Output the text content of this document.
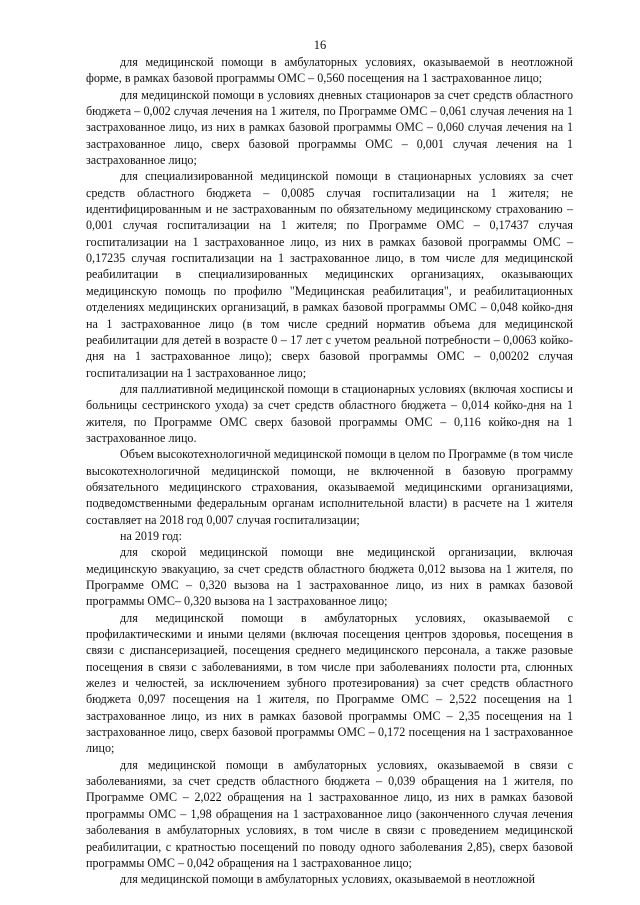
16

для медицинской помощи в амбулаторных условиях, оказываемой в неотложной форме, в рамках базовой программы ОМС – 0,560 посещения на 1 застрахованное лицо;

для медицинской помощи в условиях дневных стационаров за счет средств областного бюджета – 0,002 случая лечения на 1 жителя, по Программе ОМС – 0,061 случая лечения на 1 застрахованное лицо, из них в рамках базовой программы ОМС – 0,060 случая лечения на 1 застрахованное лицо, сверх базовой программы ОМС – 0,001 случая лечения на 1 застрахованное лицо;

для специализированной медицинской помощи в стационарных условиях за счет средств областного бюджета – 0,0085 случая госпитализации на 1 жителя; не идентифицированным и не застрахованным по обязательному медицинскому страхованию – 0,001 случая госпитализации на 1 жителя; по Программе ОМС – 0,17437 случая госпитализации на 1 застрахованное лицо, из них в рамках базовой программы ОМС – 0,17235 случая госпитализации на 1 застрахованное лицо, в том числе для медицинской реабилитации в специализированных медицинских организациях, оказывающих медицинскую помощь по профилю "Медицинская реабилитация", и реабилитационных отделениях медицинских организаций, в рамках базовой программы ОМС – 0,048 койко-дня на 1 застрахованное лицо (в том числе средний норматив объема для медицинской реабилитации для детей в возрасте 0 – 17 лет с учетом реальной потребности – 0,0063 койко-дня на 1 застрахованное лицо); сверх базовой программы ОМС – 0,00202 случая госпитализации на 1 застрахованное лицо;

для паллиативной медицинской помощи в стационарных условиях (включая хосписы и больницы сестринского ухода) за счет средств областного бюджета – 0,014 койко-дня на 1 жителя, по Программе ОМС сверх базовой программы ОМС – 0,116 койко-дня на 1 застрахованное лицо.

Объем высокотехнологичной медицинской помощи в целом по Программе (в том числе высокотехнологичной медицинской помощи, не включенной в базовую программу обязательного медицинского страхования, оказываемой медицинскими организациями, подведомственными федеральным органам исполнительной власти) в расчете на 1 жителя составляет на 2018 год 0,007 случая госпитализации;

на 2019 год:

для скорой медицинской помощи вне медицинской организации, включая медицинскую эвакуацию, за счет средств областного бюджета 0,012 вызова на 1 жителя, по Программе ОМС – 0,320 вызова на 1 застрахованное лицо, из них в рамках базовой программы ОМС– 0,320 вызова на 1 застрахованное лицо;

для медицинской помощи в амбулаторных условиях, оказываемой с профилактическими и иными целями (включая посещения центров здоровья, посещения в связи с диспансеризацией, посещения среднего медицинского персонала, а также разовые посещения в связи с заболеваниями, в том числе при заболеваниях полости рта, слюнных желез и челюстей, за исключением зубного протезирования) за счет средств областного бюджета 0,097 посещения на 1 жителя, по Программе ОМС – 2,522 посещения на 1 застрахованное лицо, из них в рамках базовой программы ОМС – 2,35 посещения на 1 застрахованное лицо, сверх базовой программы ОМС – 0,172 посещения на 1 застрахованное лицо;

для медицинской помощи в амбулаторных условиях, оказываемой в связи с заболеваниями, за счет средств областного бюджета – 0,039 обращения на 1 жителя, по Программе ОМС – 2,022 обращения на 1 застрахованное лицо, из них в рамках базовой программы ОМС – 1,98 обращения на 1 застрахованное лицо (законченного случая лечения заболевания в амбулаторных условиях, в том числе в связи с проведением медицинской реабилитации, с кратностью посещений по поводу одного заболевания 2,85), сверх базовой программы ОМС – 0,042 обращения на 1 застрахованное лицо;

для медицинской помощи в амбулаторных условиях, оказываемой в неотложной
